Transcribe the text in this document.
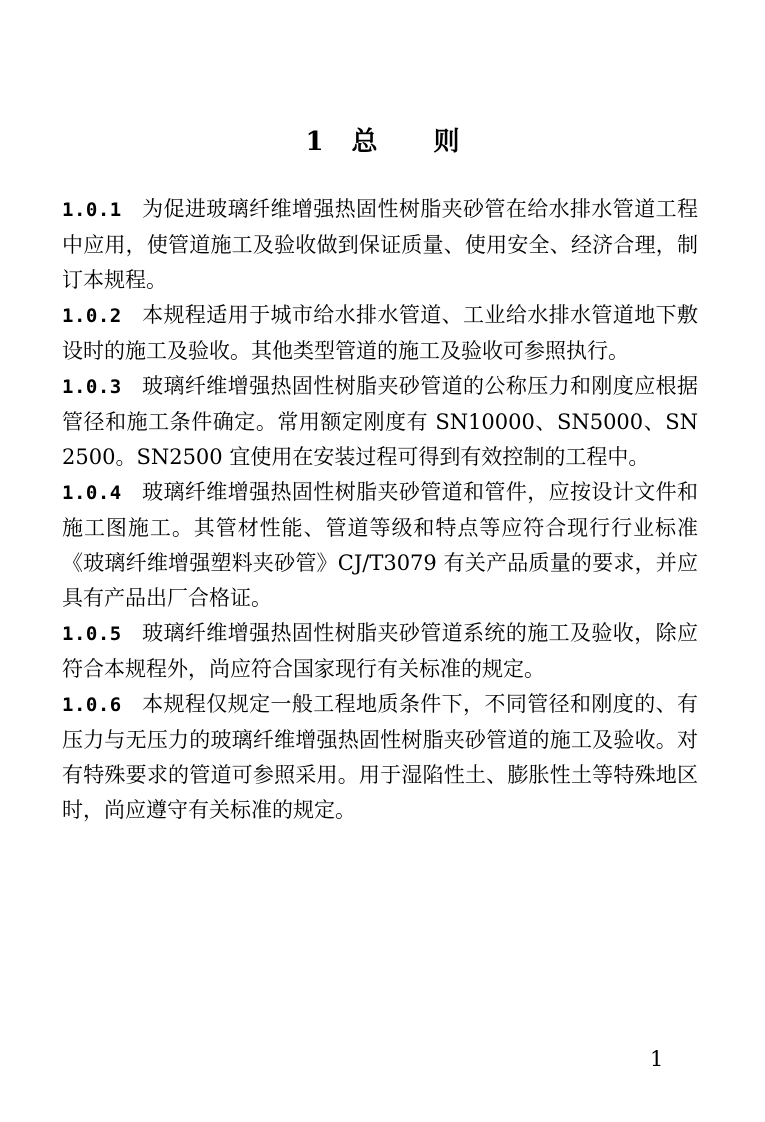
1 总 则

1.0.1 为促进玻璃纤维增强热固性树脂夹砂管在给水排水管道工程中应用，使管道施工及验收做到保证质量、使用安全、经济合理，制订本规程。

1.0.2 本规程适用于城市给水排水管道、工业给水排水管道地下敷设时的施工及验收。其他类型管道的施工及验收可参照执行。

1.0.3 玻璃纤维增强热固性树脂夹砂管道的公称压力和刚度应根据管径和施工条件确定。常用额定刚度有 SN10000、SN5000、SN2500。SN2500 宜使用在安装过程可得到有效控制的工程中。

1.0.4 玻璃纤维增强热固性树脂夹砂管道和管件，应按设计文件和施工图施工。其管材性能、管道等级和特点等应符合现行行业标准《玻璃纤维增强塑料夹砂管》CJ/T3079 有关产品质量的要求，并应具有产品出厂合格证。

1.0.5 玻璃纤维增强热固性树脂夹砂管道系统的施工及验收，除应符合本规程外，尚应符合国家现行有关标准的规定。

1.0.6 本规程仅规定一般工程地质条件下，不同管径和刚度的、有压力与无压力的玻璃纤维增强热固性树脂夹砂管道的施工及验收。对有特殊要求的管道可参照采用。用于湿陷性土、膨胀性土等特殊地区时，尚应遵守有关标准的规定。

1
